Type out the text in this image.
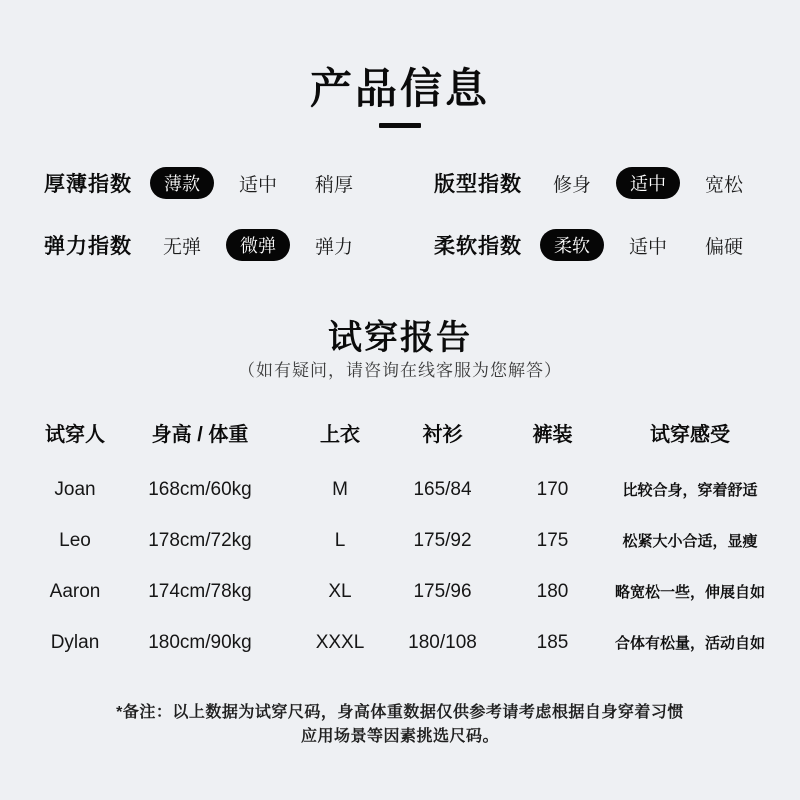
产品信息
厚薄指数	薄款	适中	稍厚	版型指数	修身	适中	宽松
弹力指数	无弹	微弹	弹力	柔软指数	柔软	适中	偏硬
试穿报告
（如有疑问，请咨询在线客服为您解答）
试穿人	身高 / 体重	上衣	衬衫	裤装	试穿感受
Joan	168cm/60kg	M	165/84	170	比较合身，穿着舒适
Leo	178cm/72kg	L	175/92	175	松紧大小合适，显瘦
Aaron	174cm/78kg	XL	175/96	180	略宽松一些，伸展自如
Dylan	180cm/90kg	XXXL	180/108	185	合体有松量，活动自如
*备注：以上数据为试穿尺码，身高体重数据仅供参考请考虑根据自身穿着习惯
应用场景等因素挑选尺码。
